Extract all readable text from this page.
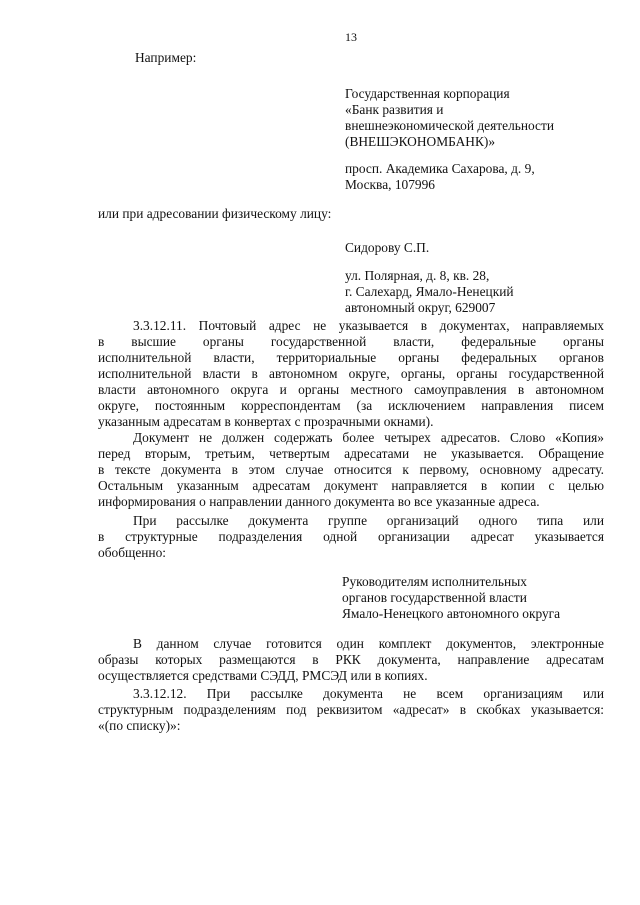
13
Например:
Государственная корпорация
«Банк развития и
внешнеэкономической деятельности
(ВНЕШЭКОНОМБАНК)»
просп. Академика Сахарова, д. 9,
Москва, 107996
или при адресовании физическому лицу:
Сидорову С.П.
ул. Полярная, д. 8, кв. 28,
г. Салехард, Ямало-Ненецкий
автономный округ, 629007
3.3.12.11. Почтовый адрес не указывается в документах, направляемых
в высшие органы государственной власти, федеральные органы
исполнительной власти, территориальные органы федеральных органов
исполнительной власти в автономном округе, органы, органы государственной
власти автономного округа и органы местного самоуправления в автономном
округе, постоянным корреспондентам (за исключением направления писем
указанным адресатам в конвертах с прозрачными окнами).
Документ не должен содержать более четырех адресатов. Слово «Копия»
перед вторым, третьим, четвертым адресатами не указывается. Обращение
в тексте документа в этом случае относится к первому, основному адресату.
Остальным указанным адресатам документ направляется в копии с целью
информирования о направлении данного документа во все указанные адреса.
При рассылке документа группе организаций одного типа или
в структурные подразделения одной организации адресат указывается
обобщенно:
Руководителям исполнительных
органов государственной власти
Ямало-Ненецкого автономного округа
В данном случае готовится один комплект документов, электронные
образы которых размещаются в РКК документа, направление адресатам
осуществляется средствами СЭДД, РМСЭД или в копиях.
3.3.12.12. При рассылке документа не всем организациям или
структурным подразделениям под реквизитом «адресат» в скобках указывается:
«(по списку)»:
